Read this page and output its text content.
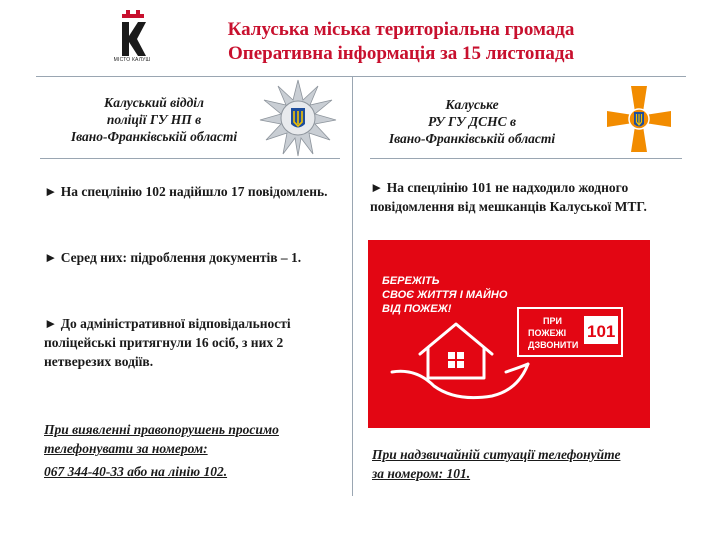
МІСТО КАЛУШ
Калуська міська територіальна громада
Оперативна інформація за 15 листопада
Калуський відділ
поліції ГУ НП в
Івано-Франківській області
► На спецлінію 102 надійшло 17 повідомлень.
► Серед них: підроблення документів – 1.
► До адміністративної відповідальності поліцейські притягнули 16 осіб, з них 2 нетверезих водіїв.
При виявленні правопорушень просимо
телефонувати за номером:
067 344-40-33 або на лінію 102.
Калуське
РУ ГУ ДСНС в
Івано-Франківській області
► На спецлінію 101 не надходило жодного повідомлення від мешканців Калуської МТГ.
БЕРЕЖІТЬ
СВОЄ ЖИТТЯ І МАЙНО
ВІД ПОЖЕЖ!
ПРИ
ПОЖЕЖІ
ДЗВОНИТИ
101
При надзвичайній ситуації телефонуйте
за номером: 101.
